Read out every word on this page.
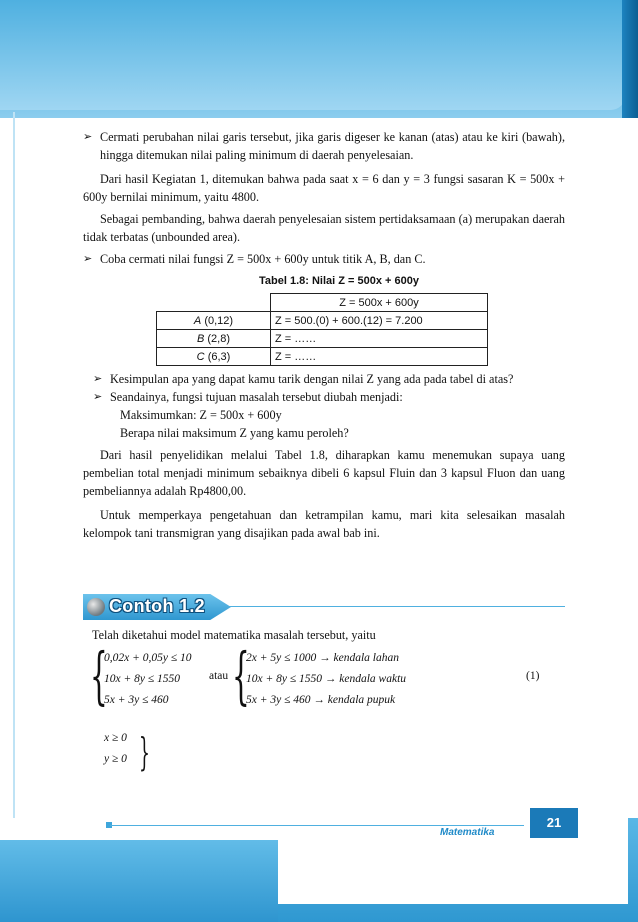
➢ Cermati perubahan nilai garis tersebut, jika garis digeser ke kanan (atas) atau ke kiri (bawah), hingga ditemukan nilai paling minimum di daerah penyelesaian.
Dari hasil Kegiatan 1, ditemukan bahwa pada saat x = 6 dan y = 3 fungsi sasaran K = 500x + 600y bernilai minimum, yaitu 4800.
Sebagai pembanding, bahwa daerah penyelesaian sistem pertidaksamaan (a) merupakan daerah tidak terbatas (unbounded area).
➢ Coba cermati nilai fungsi Z = 500x + 600y untuk titik A, B, dan C.
Tabel 1.8: Nilai Z = 500x + 600y
	Z = 500x + 600y
A (0,12)	Z = 500.(0) + 600.(12) = 7.200
B (2,8)	Z = ……
C (6,3)	Z = ……
➢ Kesimpulan apa yang dapat kamu tarik dengan nilai Z yang ada pada tabel di atas?
➢ Seandainya, fungsi tujuan masalah tersebut diubah menjadi:
Maksimumkan: Z = 500x + 600y
Berapa nilai maksimum Z yang kamu peroleh?
Dari hasil penyelidikan melalui Tabel 1.8, diharapkan kamu menemukan supaya uang pembelian total menjadi minimum sebaiknya dibeli 6 kapsul Fluin dan 3 kapsul Fluon dan uang pembeliannya adalah Rp4800,00.
Untuk memperkaya pengetahuan dan ketrampilan kamu, mari kita selesaikan masalah kelompok tani transmigran yang disajikan pada awal bab ini.
Contoh 1.2
Telah diketahui model matematika masalah tersebut, yaitu
{
0,02x + 0,05y ≤ 10
10x + 8y ≤ 1550
5x + 3y ≤ 460
atau {
2x + 5y ≤ 1000 → kendala lahan
10x + 8y ≤ 1550 → kendala waktu
5x + 3y ≤ 460 → kendala pupuk
(1)
x ≥ 0
y ≥ 0 }
Matematika
21
